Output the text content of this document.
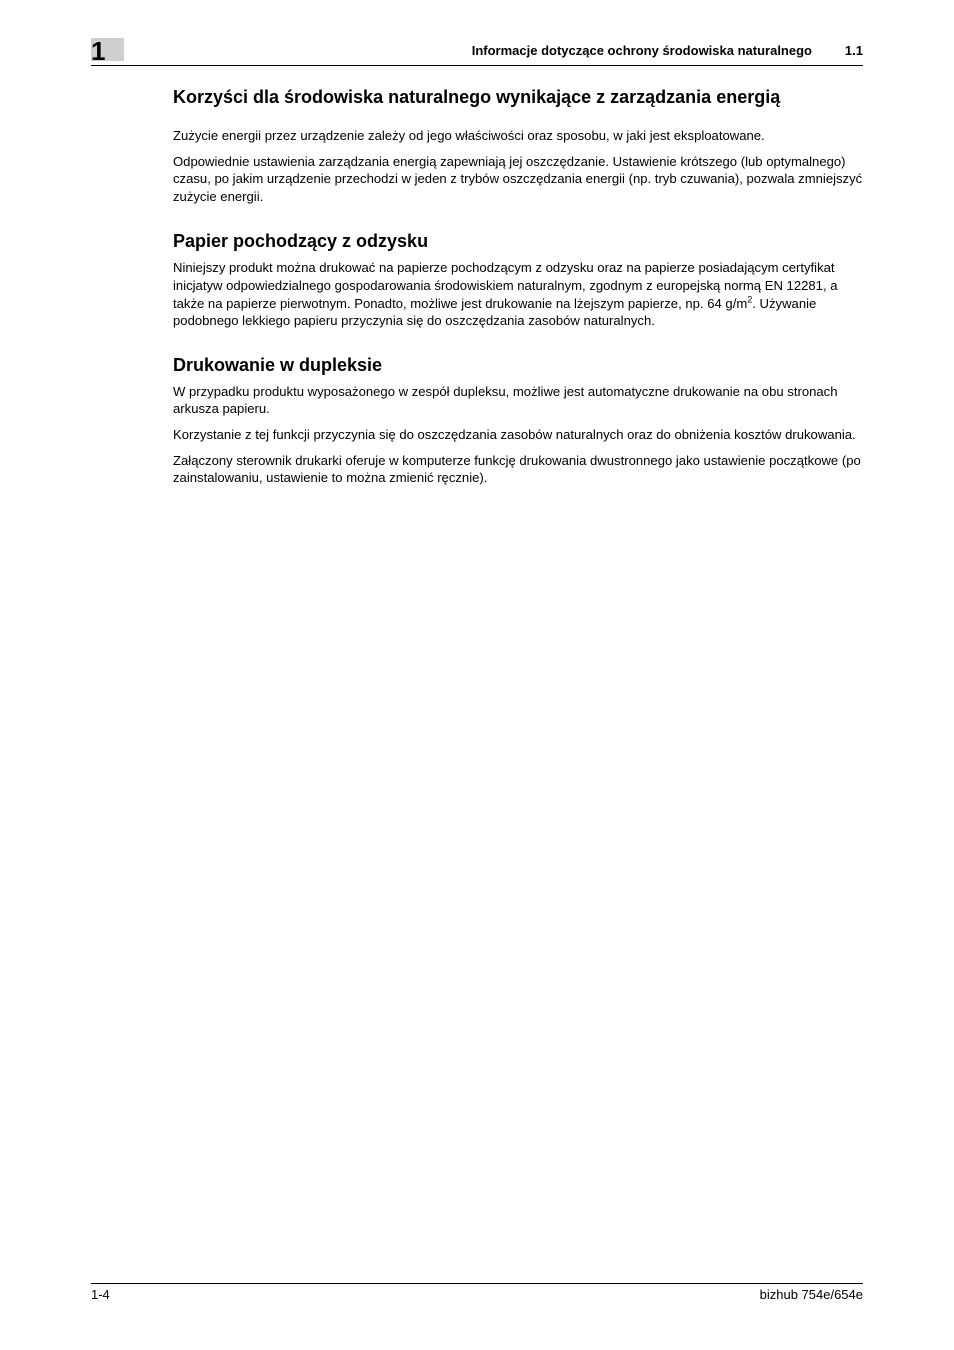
1	Informacje dotyczące ochrony środowiska naturalnego	1.1
Korzyści dla środowiska naturalnego wynikające z zarządzania energią

Zużycie energii przez urządzenie zależy od jego właściwości oraz sposobu, w jaki jest eksploatowane.

Odpowiednie ustawienia zarządzania energią zapewniają jej oszczędzanie. Ustawienie krótszego (lub optymalnego) czasu, po jakim urządzenie przechodzi w jeden z trybów oszczędzania energii (np. tryb czuwania), pozwala zmniejszyć zużycie energii.

Papier pochodzący z odzysku

Niniejszy produkt można drukować na papierze pochodzącym z odzysku oraz na papierze posiadającym certyfikat inicjatyw odpowiedzialnego gospodarowania środowiskiem naturalnym, zgodnym z europejską normą EN 12281, a także na papierze pierwotnym. Ponadto, możliwe jest drukowanie na lżejszym papierze, np. 64 $g/m^2$. Używanie podobnego lekkiego papieru przyczynia się do oszczędzania zasobów naturalnych.

Drukowanie w dupleksie

W przypadku produktu wyposażonego w zespół dupleksu, możliwe jest automatyczne drukowanie na obu stronach arkusza papieru.

Korzystanie z tej funkcji przyczynia się do oszczędzania zasobów naturalnych oraz do obniżenia kosztów drukowania.

Załączony sterownik drukarki oferuje w komputerze funkcję drukowania dwustronnego jako ustawienie początkowe (po zainstalowaniu, ustawienie to można zmienić ręcznie).

1-4	bizhub 754e/654e
